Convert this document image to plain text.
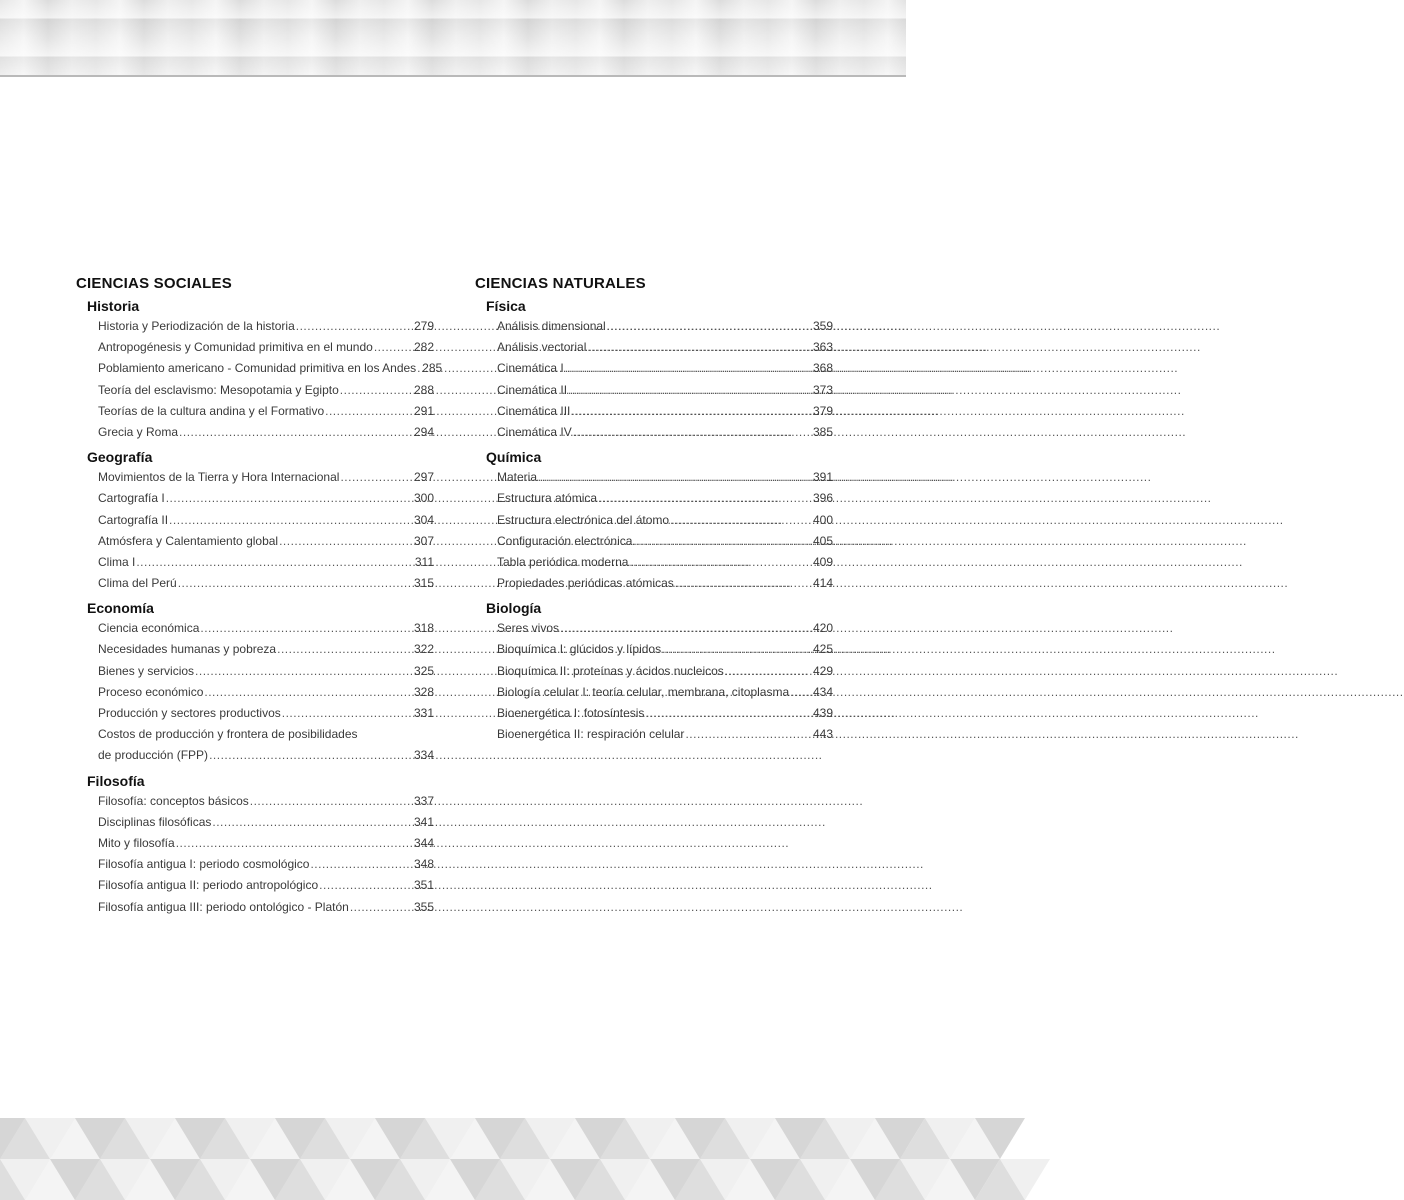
CIENCIAS SOCIALES
Historia
Historia y Periodización de la historia .....	279
Antropogénesis y Comunidad primitiva en el mundo .....	282
Poblamiento americano - Comunidad primitiva en los Andes ..... 285
Teoría del esclavismo: Mesopotamia y Egipto .....	288
Teorías de la cultura andina y el Formativo .....	291
Grecia y Roma .....	294
Geografía
Movimientos de la Tierra y Hora Internacional .....	297
Cartografía I .....	300
Cartografía II .....	304
Atmósfera y Calentamiento global .....	307
Clima I .....	311
Clima del Perú .....	315
Economía
Ciencia económica .....	318
Necesidades humanas y pobreza .....	322
Bienes y servicios .....	325
Proceso económico .....	328
Producción y sectores productivos .....	331
Costos de producción y frontera de posibilidades
de producción (FPP) .....	334
Filosofía
Filosofía: conceptos básicos .....	337
Disciplinas filosóficas .....	341
Mito y filosofía .....	344
Filosofía antigua I: periodo cosmológico .....	348
Filosofía antigua II: periodo antropológico .....	351
Filosofía antigua III: periodo ontológico - Platón .....	355
CIENCIAS NATURALES
Física
Análisis dimensional .....	359
Análisis vectorial .....	363
Cinemática I .....	368
Cinemática II .....	373
Cinemática III .....	379
Cinemática IV .....	385
Química
Materia .....	391
Estructura atómica .....	396
Estructura electrónica del átomo .....	400
Configuración electrónica .....	405
Tabla periódica moderna .....	409
Propiedades periódicas atómicas .....	414
Biología
Seres vivos .....	420
Bioquímica I: glúcidos y lípidos .....	425
Bioquímica II: proteínas y ácidos nucleicos .....	429
Biología celular I: teoría celular, membrana, citoplasma ..... 434
Bioenergética I: fotosíntesis .....	439
Bioenergética II: respiración celular .....	443
